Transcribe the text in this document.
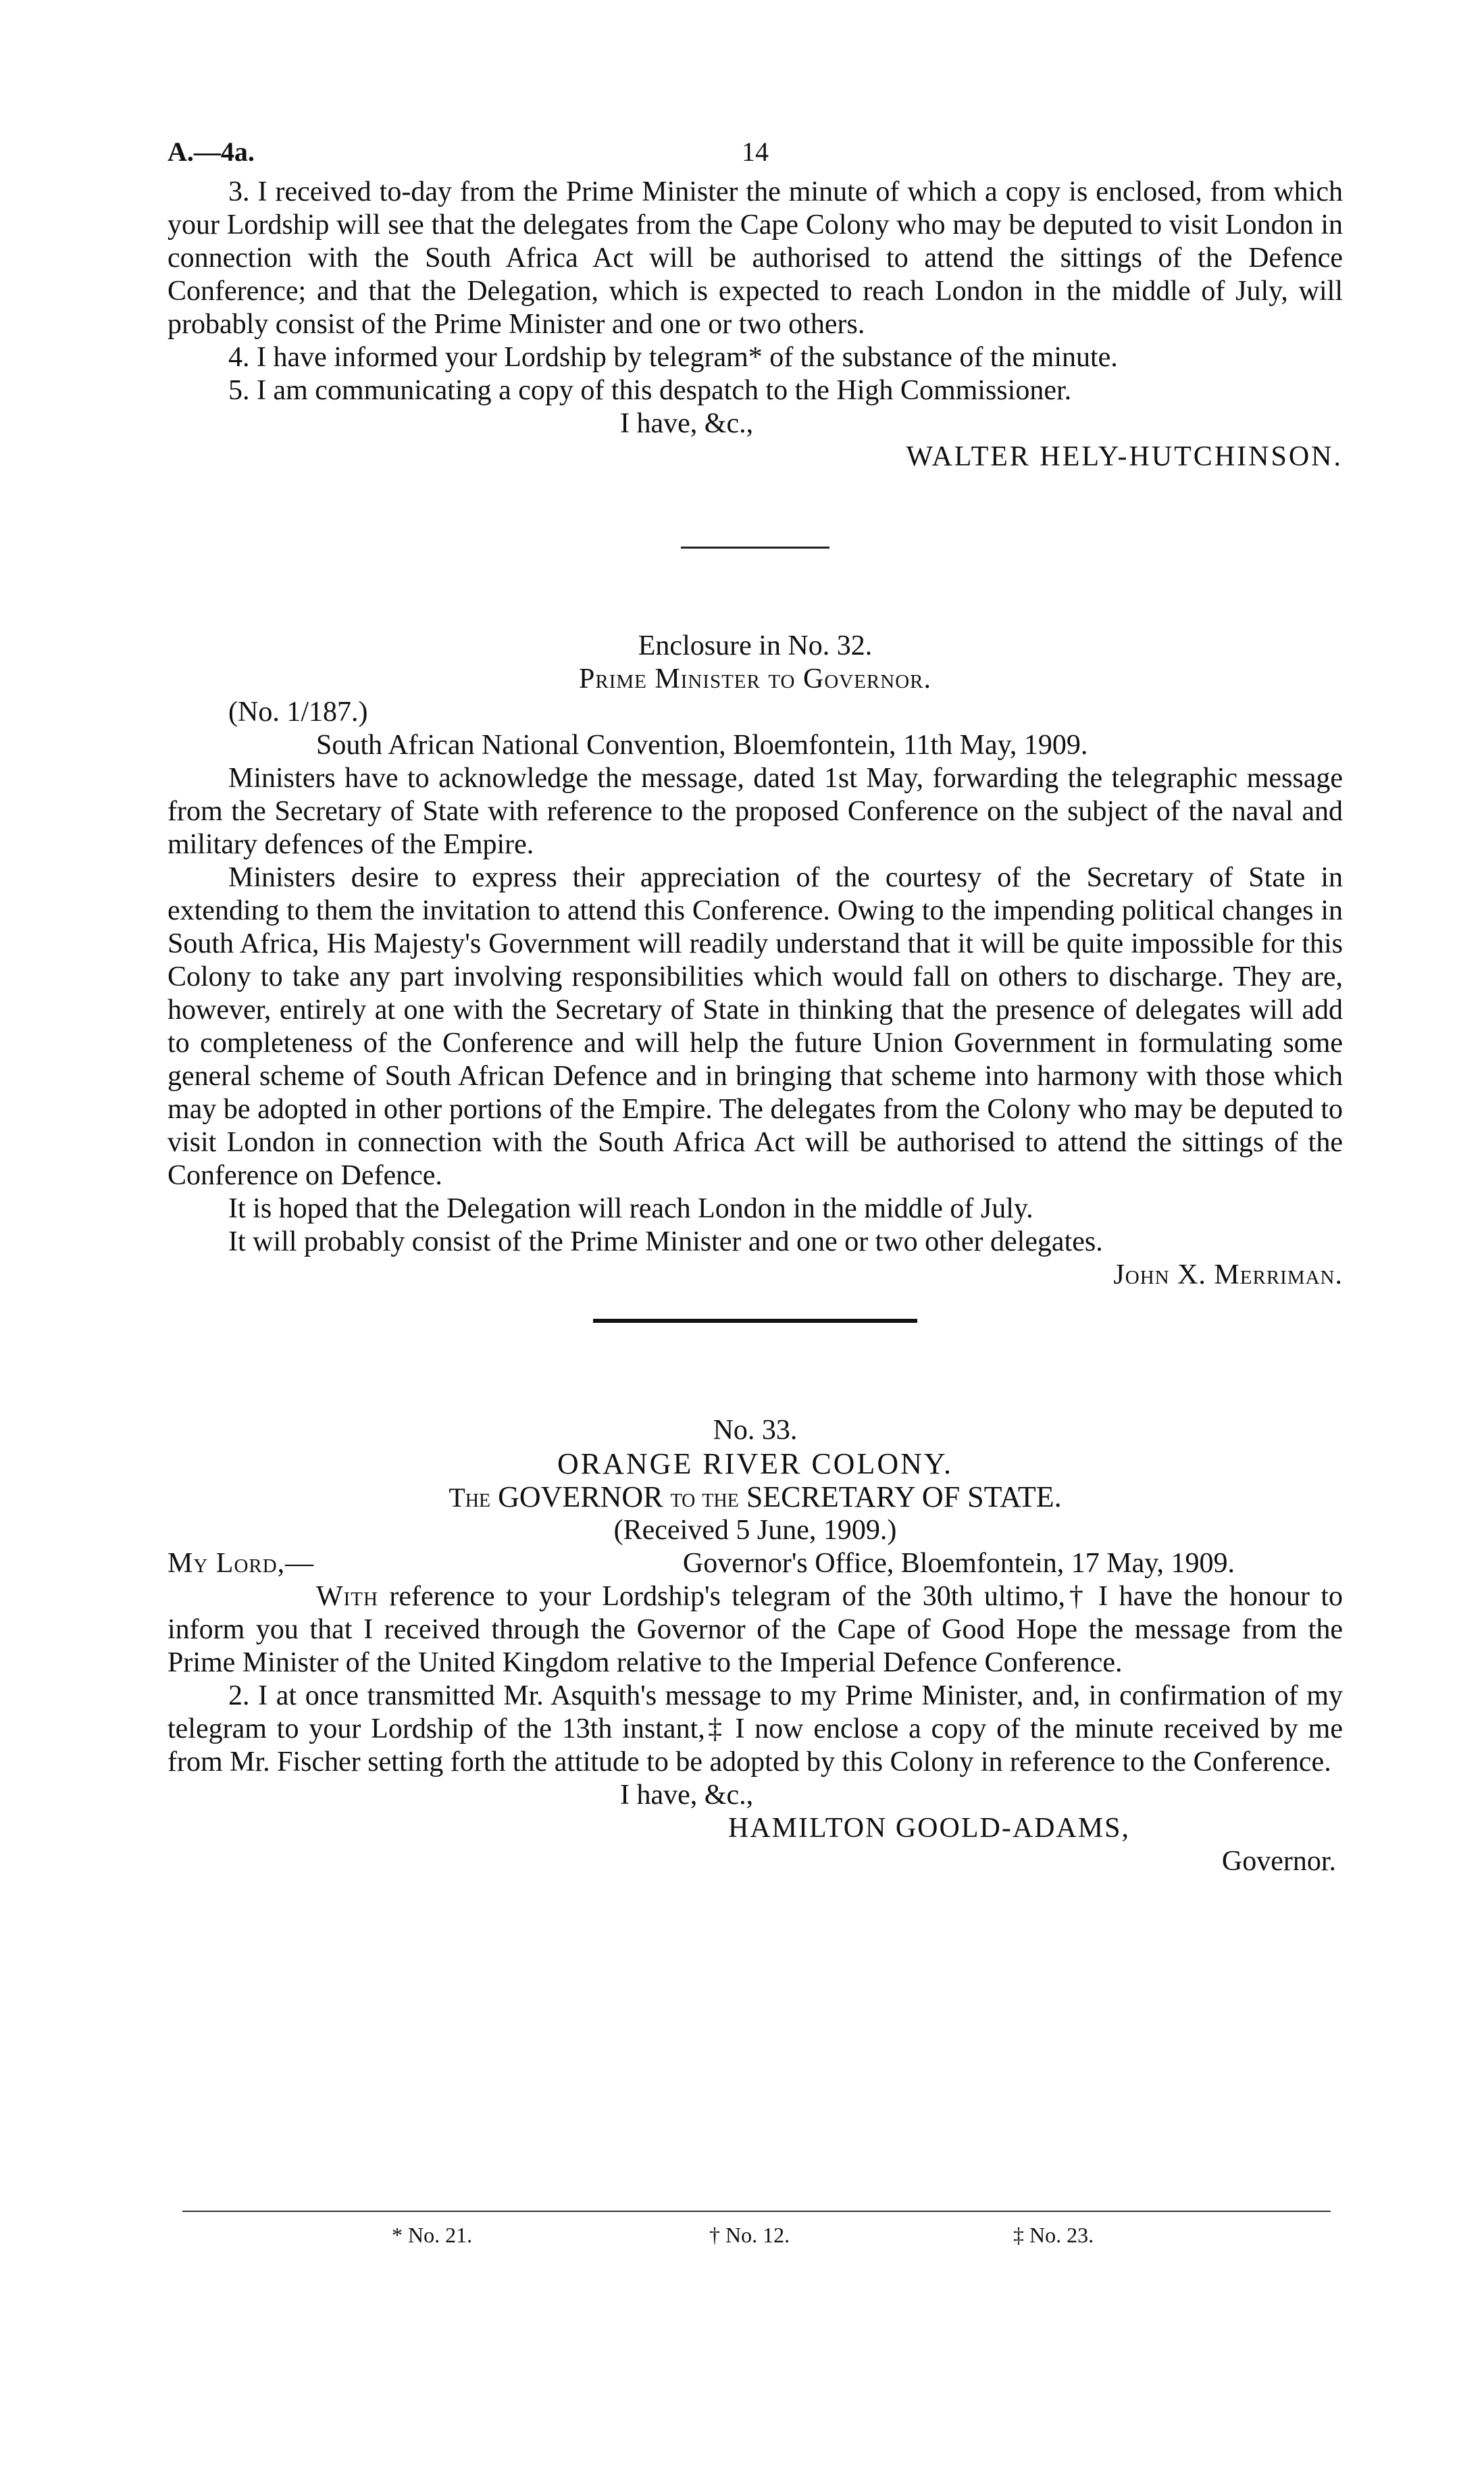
A.—4a.	14

3. I received to-day from the Prime Minister the minute of which a copy is enclosed, from which your Lordship will see that the delegates from the Cape Colony who may be deputed to visit London in connection with the South Africa Act will be authorised to attend the sittings of the Defence Conference; and that the Delegation, which is expected to reach London in the middle of July, will probably consist of the Prime Minister and one or two others.

4. I have informed your Lordship by telegram* of the substance of the minute.

5. I am communicating a copy of this despatch to the High Commissioner.

I have, &c.,
WALTER HELY-HUTCHINSON.
Enclosure in No. 32.
Prime Minister to Governor.
(No. 1/187.)

South African National Convention, Bloemfontein, 11th May, 1909.

Ministers have to acknowledge the message, dated 1st May, forwarding the telegraphic message from the Secretary of State with reference to the proposed Conference on the subject of the naval and military defences of the Empire.

Ministers desire to express their appreciation of the courtesy of the Secretary of State in extending to them the invitation to attend this Conference. Owing to the impending political changes in South Africa, His Majesty's Government will readily understand that it will be quite impossible for this Colony to take any part involving responsibilities which would fall on others to discharge. They are, however, entirely at one with the Secretary of State in thinking that the presence of delegates will add to completeness of the Conference and will help the future Union Government in formulating some general scheme of South African Defence and in bringing that scheme into harmony with those which may be adopted in other portions of the Empire. The delegates from the Colony who may be deputed to visit London in connection with the South Africa Act will be authorised to attend the sittings of the Conference on Defence.

It is hoped that the Delegation will reach London in the middle of July.

It will probably consist of the Prime Minister and one or two other delegates.

John X. Merriman.
No. 33.
ORANGE RIVER COLONY.
The GOVERNOR to the SECRETARY OF STATE.
(Received 5 June, 1909.)
My Lord,—	Governor's Office, Bloemfontein, 17 May, 1909.

With reference to your Lordship's telegram of the 30th ultimo,† I have the honour to inform you that I received through the Governor of the Cape of Good Hope the message from the Prime Minister of the United Kingdom relative to the Imperial Defence Conference.

2. I at once transmitted Mr. Asquith's message to my Prime Minister, and, in confirmation of my telegram to your Lordship of the 13th instant,‡ I now enclose a copy of the minute received by me from Mr. Fischer setting forth the attitude to be adopted by this Colony in reference to the Conference.

I have, &c.,
HAMILTON GOOLD-ADAMS,
Governor.
* No. 21.	† No. 12.	‡ No. 23.
